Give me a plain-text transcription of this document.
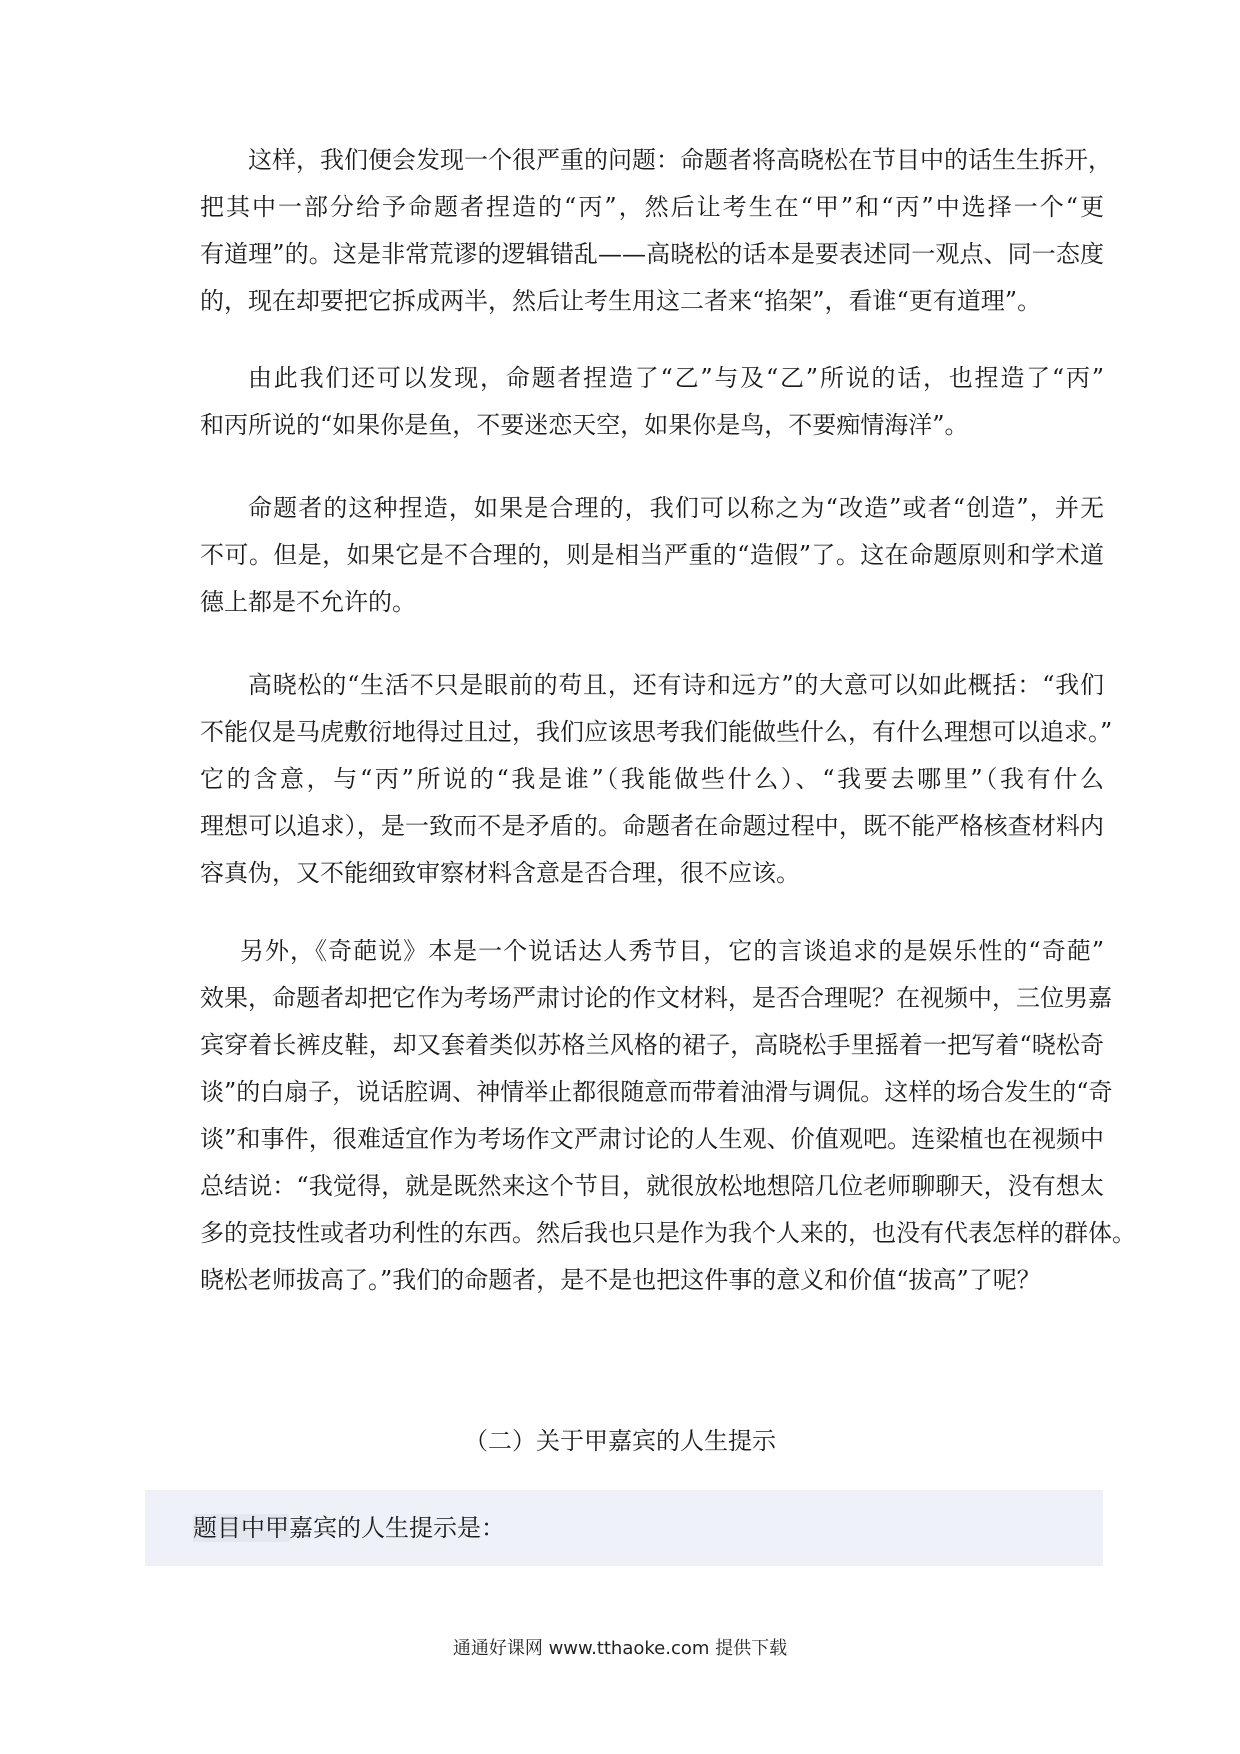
这样，我们便会发现一个很严重的问题：命题者将高晓松在节目中的话生生拆开，
把其中一部分给予命题者捏造的“丙”，然后让考生在“甲”和“丙”中选择一个“更
有道理”的。这是非常荒谬的逻辑错乱——高晓松的话本是要表述同一观点、同一态度
的，现在却要把它拆成两半，然后让考生用这二者来“掐架”，看谁“更有道理”。
由此我们还可以发现，命题者捏造了“乙”与及“乙”所说的话，也捏造了“丙”
和丙所说的“如果你是鱼，不要迷恋天空，如果你是鸟，不要痴情海洋”。
命题者的这种捏造，如果是合理的，我们可以称之为“改造”或者“创造”，并无
不可。但是，如果它是不合理的，则是相当严重的“造假”了。这在命题原则和学术道
德上都是不允许的。
高晓松的“生活不只是眼前的苟且，还有诗和远方”的大意可以如此概括：“我们
不能仅是马虎敷衍地得过且过，我们应该思考我们能做些什么，有什么理想可以追求。”
它的含意，与“丙”所说的“我是谁”（我能做些什么）、“我要去哪里”（我有什么
理想可以追求），是一致而不是矛盾的。命题者在命题过程中，既不能严格核查材料内
容真伪，又不能细致审察材料含意是否合理，很不应该。
另外，《奇葩说》本是一个说话达人秀节目，它的言谈追求的是娱乐性的“奇葩”
效果，命题者却把它作为考场严肃讨论的作文材料，是否合理呢？在视频中，三位男嘉
宾穿着长裤皮鞋，却又套着类似苏格兰风格的裙子，高晓松手里摇着一把写着“晓松奇
谈”的白扇子，说话腔调、神情举止都很随意而带着油滑与调侃。这样的场合发生的“奇
谈”和事件，很难适宜作为考场作文严肃讨论的人生观、价值观吧。连梁植也在视频中
总结说：“我觉得，就是既然来这个节目，就很放松地想陪几位老师聊聊天，没有想太
多的竞技性或者功利性的东西。然后我也只是作为我个人来的，也没有代表怎样的群体。
晓松老师拔高了。”我们的命题者，是不是也把这件事的意义和价值“拔高”了呢？
（二）关于甲嘉宾的人生提示
题目中甲嘉宾的人生提示是：
通通好课网 www.tthaoke.com 提供下载
